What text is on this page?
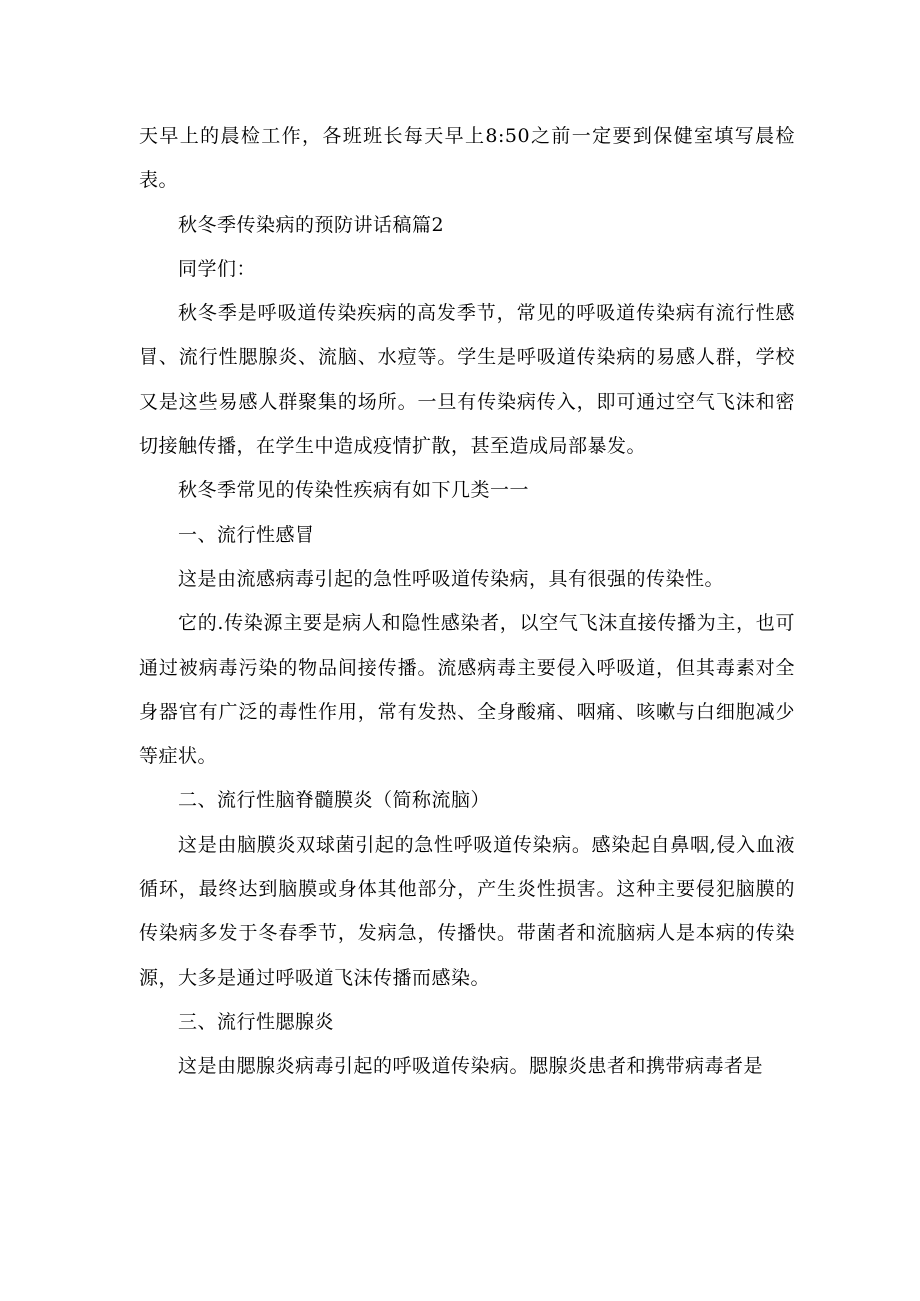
天早上的晨检工作，各班班长每天早上8:50之前一定要到保健室填写晨检表。

秋冬季传染病的预防讲话稿篇2

同学们：

秋冬季是呼吸道传染疾病的高发季节，常见的呼吸道传染病有流行性感冒、流行性腮腺炎、流脑、水痘等。学生是呼吸道传染病的易感人群，学校又是这些易感人群聚集的场所。一旦有传染病传入，即可通过空气飞沫和密切接触传播，在学生中造成疫情扩散，甚至造成局部暴发。

秋冬季常见的传染性疾病有如下几类一一

一、流行性感冒

这是由流感病毒引起的急性呼吸道传染病，具有很强的传染性。

它的.传染源主要是病人和隐性感染者，以空气飞沫直接传播为主，也可通过被病毒污染的物品间接传播。流感病毒主要侵入呼吸道，但其毒素对全身器官有广泛的毒性作用，常有发热、全身酸痛、咽痛、咳嗽与白细胞减少等症状。

二、流行性脑脊髓膜炎（简称流脑）

这是由脑膜炎双球菌引起的急性呼吸道传染病。感染起自鼻咽,侵入血液循环，最终达到脑膜或身体其他部分，产生炎性损害。这种主要侵犯脑膜的传染病多发于冬春季节，发病急，传播快。带菌者和流脑病人是本病的传染源，大多是通过呼吸道飞沫传播而感染。

三、流行性腮腺炎

这是由腮腺炎病毒引起的呼吸道传染病。腮腺炎患者和携带病毒者是
